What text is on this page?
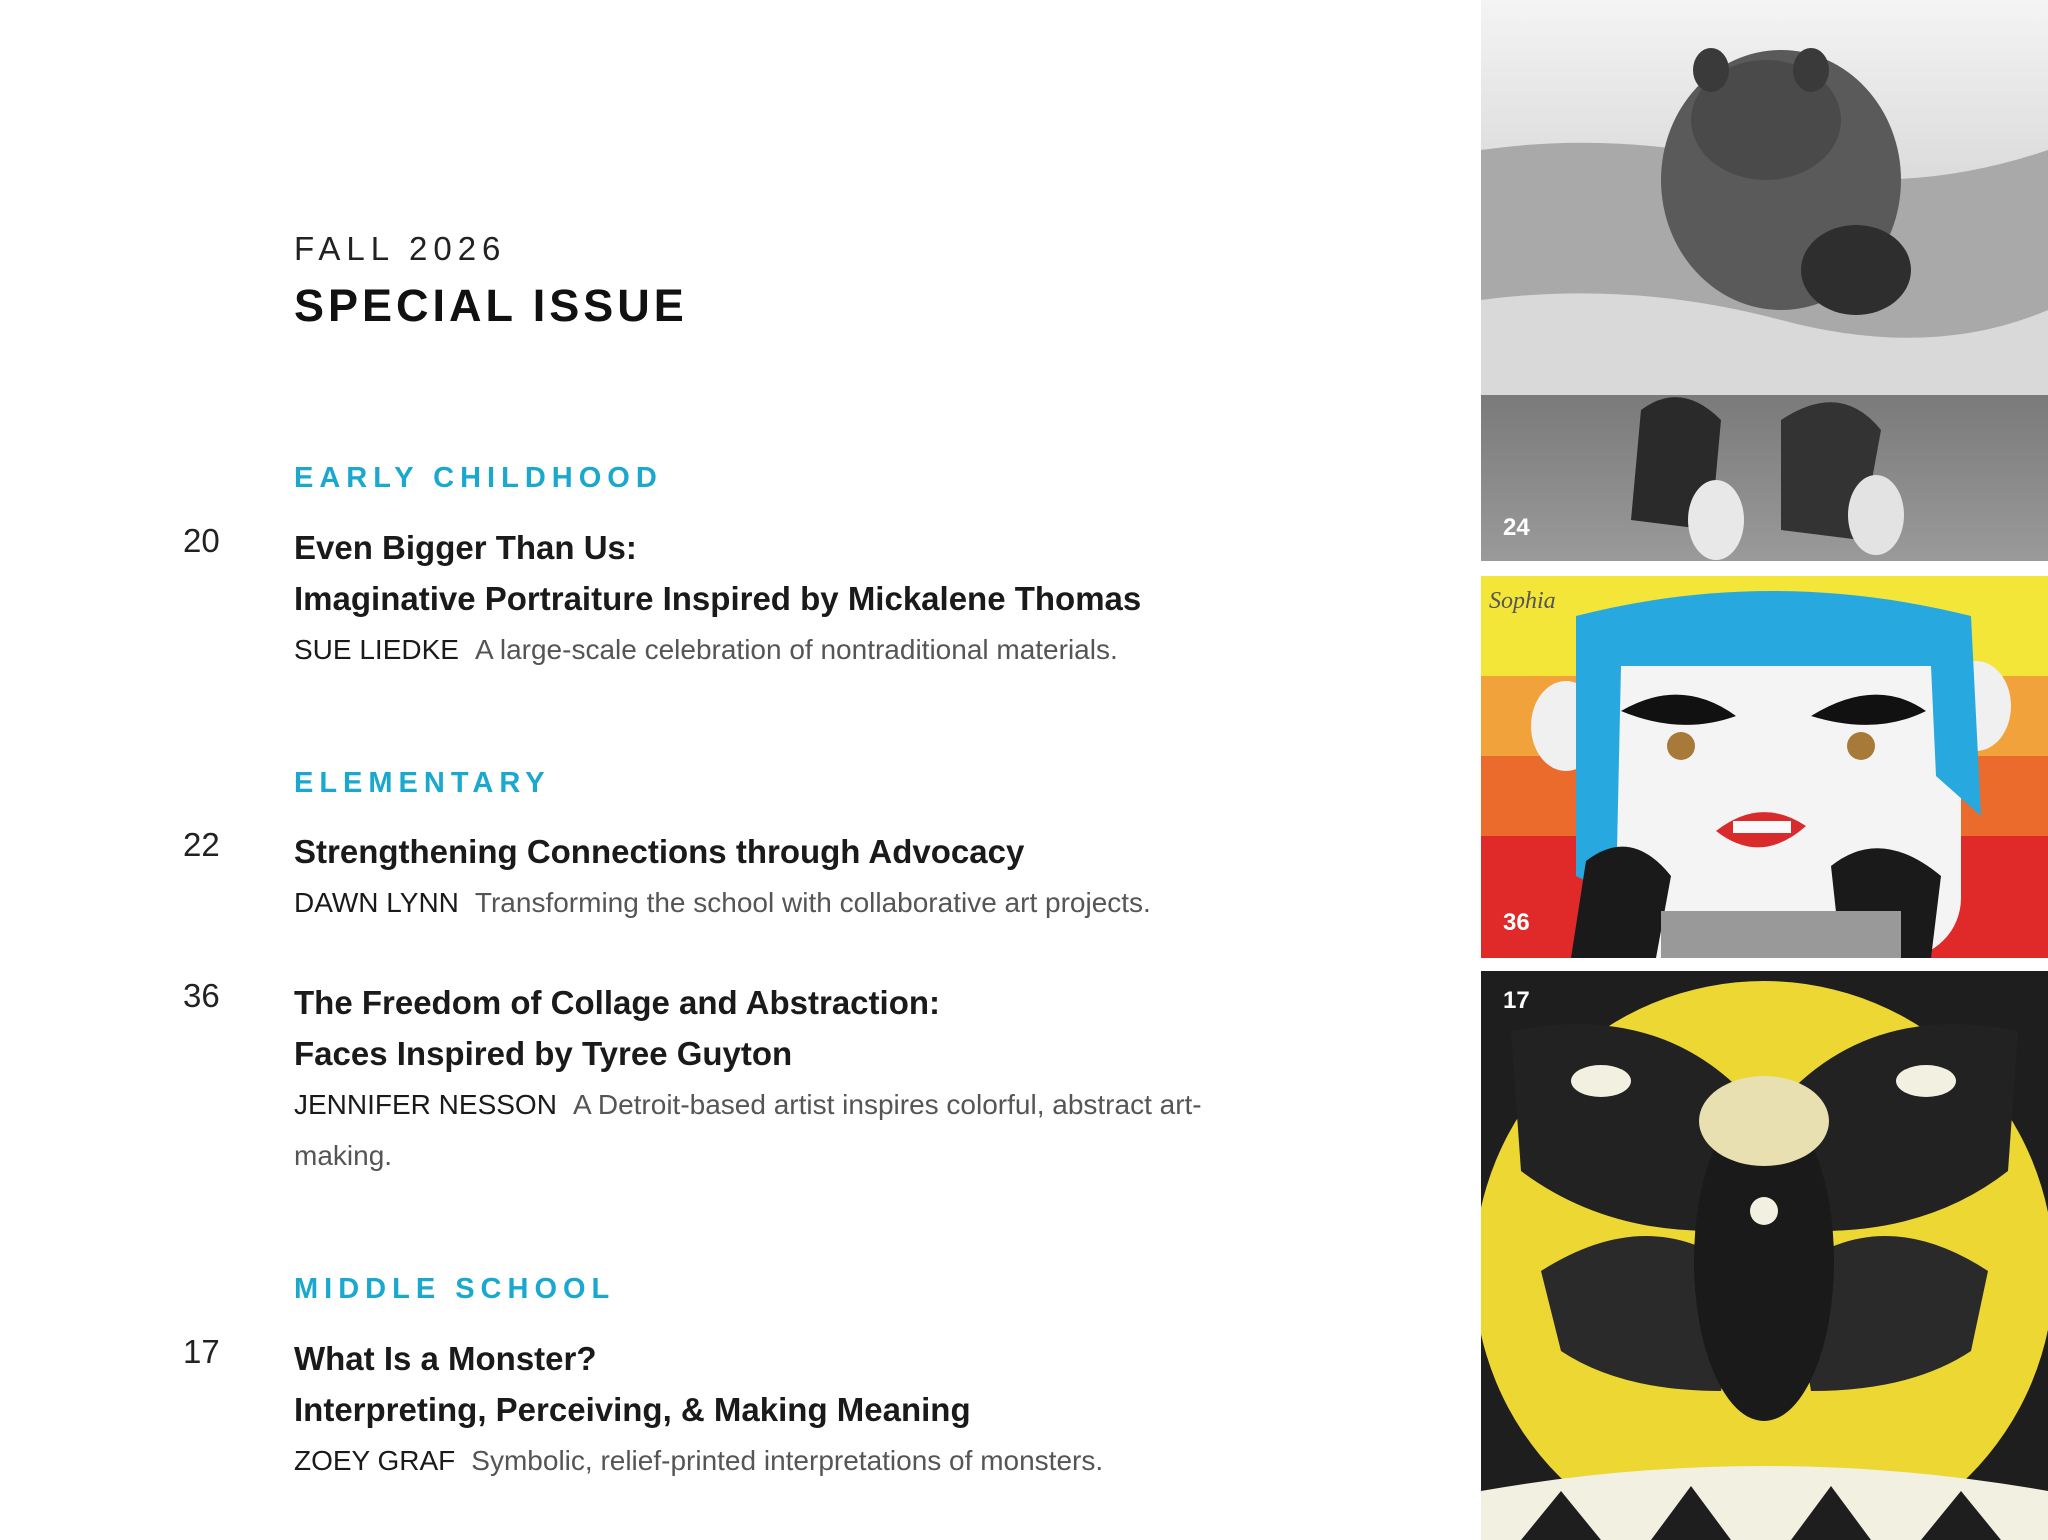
FALL 2026
SPECIAL ISSUE
EARLY CHILDHOOD
20 Even Bigger Than Us:
Imaginative Portraiture Inspired by Mickalene Thomas
SUE LIEDKE A large-scale celebration of nontraditional materials.
ELEMENTARY
22 Strengthening Connections through Advocacy
DAWN LYNN Transforming the school with collaborative art projects.
36 The Freedom of Collage and Abstraction:
Faces Inspired by Tyree Guyton
JENNIFER NESSON A Detroit-based artist inspires colorful, abstract art-making.
MIDDLE SCHOOL
17 What Is a Monster?
Interpreting, Perceiving, & Making Meaning
ZOEY GRAF Symbolic, relief-printed interpretations of monsters.
24
Sophia
36
17
